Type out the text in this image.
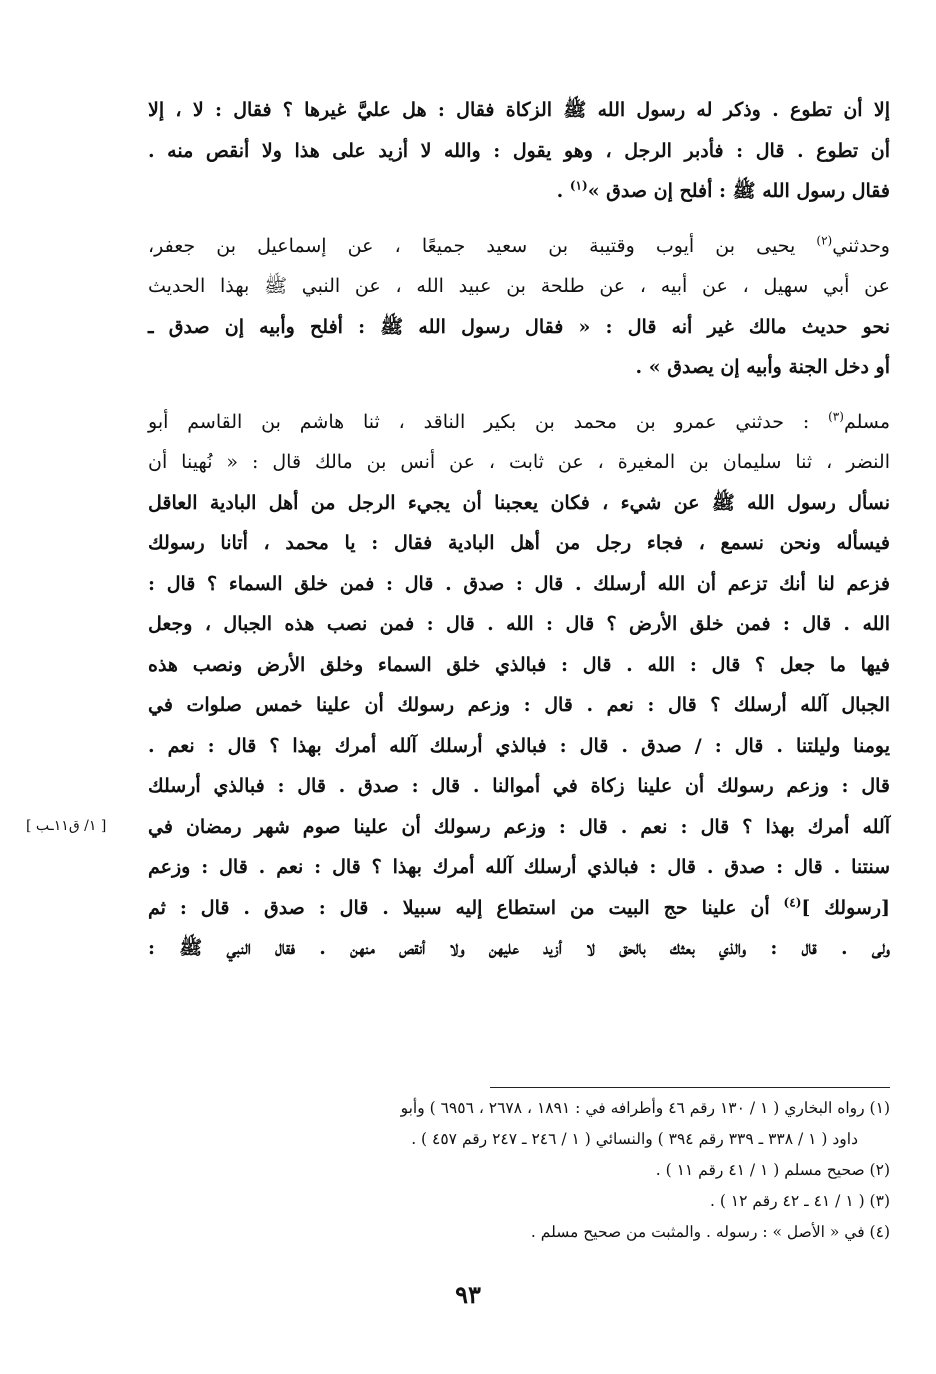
إلا أن تطوع . وذكر له رسول الله ﷺ الزكاة فقال : هل عليَّ غيرها ؟ فقال : لا ، إلا
أن تطوع . قال : فأدبر الرجل ، وهو يقول : والله لا أزيد على هذا ولا أنقص منه .
فقال رسول الله ﷺ : أفلح إن صدق »$^{(١)}$ .

وحدثني$^{(٢)}$ يحيى بن أيوب وقتيبة بن سعيد جميعًا ، عن إسماعيل بن جعفر،
عن أبي سهيل ، عن أبيه ، عن طلحة بن عبيد الله ، عن النبي ﷺ بهذا الحديث
نحو حديث مالك غير أنه قال : « فقال رسول الله ﷺ : أفلح وأبيه إن صدق ـ
أو دخل الجنة وأبيه إن يصدق » .

مسلم$^{(٣)}$ : حدثني عمرو بن محمد بن بكير الناقد ، ثنا هاشم بن القاسم أبو
النضر ، ثنا سليمان بن المغيرة ، عن ثابت ، عن أنس بن مالك قال : « نُهينا أن
نسأل رسول الله ﷺ عن شيء ، فكان يعجبنا أن يجيء الرجل من أهل البادية العاقل
فيسأله ونحن نسمع ، فجاء رجل من أهل البادية فقال : يا محمد ، أتانا رسولك
فزعم لنا أنك تزعم أن الله أرسلك . قال : صدق . قال : فمن خلق السماء ؟ قال :
الله . قال : فمن خلق الأرض ؟ قال : الله . قال : فمن نصب هذه الجبال ، وجعل
فيها ما جعل ؟ قال : الله . قال : فبالذي خلق السماء وخلق الأرض ونصب هذه
الجبال آلله أرسلك ؟ قال : نعم . قال : وزعم رسولك أن علينا خمس صلوات في
يومنا وليلتنا . قال : / صدق . قال : فبالذي أرسلك آلله أمرك بهذا ؟ قال : نعم .
قال : وزعم رسولك أن علينا زكاة في أموالنا . قال : صدق . قال : فبالذي أرسلك
آلله أمرك بهذا ؟ قال : نعم . قال : وزعم رسولك أن علينا صوم شهر رمضان في
سنتنا . قال : صدق . قال : فبالذي أرسلك آلله أمرك بهذا ؟ قال : نعم . قال : وزعم
[رسولك ]$^{(٤)}$ أن علينا حج البيت من استطاع إليه سبيلا . قال : صدق . قال : ثم
ولى . قال : والذي بعثك بالحق لا أزيد عليهن ولا أنقص منهن . فقال النبي ﷺ :

[ ١/ ق١١ـب ]
(١) رواه البخاري ( ١ / ١٣٠ رقم ٤٦ وأطرافه في : ١٨٩١ ، ٢٦٧٨ ، ٦٩٥٦ ) وأبو
داود ( ١ / ٣٣٨ ـ ٣٣٩ رقم ٣٩٤ ) والنسائي ( ١ / ٢٤٦ ـ ٢٤٧ رقم ٤٥٧ ) .
(٢) صحيح مسلم ( ١ / ٤١ رقم ١١ ) .
(٣) ( ١ / ٤١ ـ ٤٢ رقم ١٢ ) .
(٤) في « الأصل » : رسوله . والمثبت من صحيح مسلم .
٩٣
